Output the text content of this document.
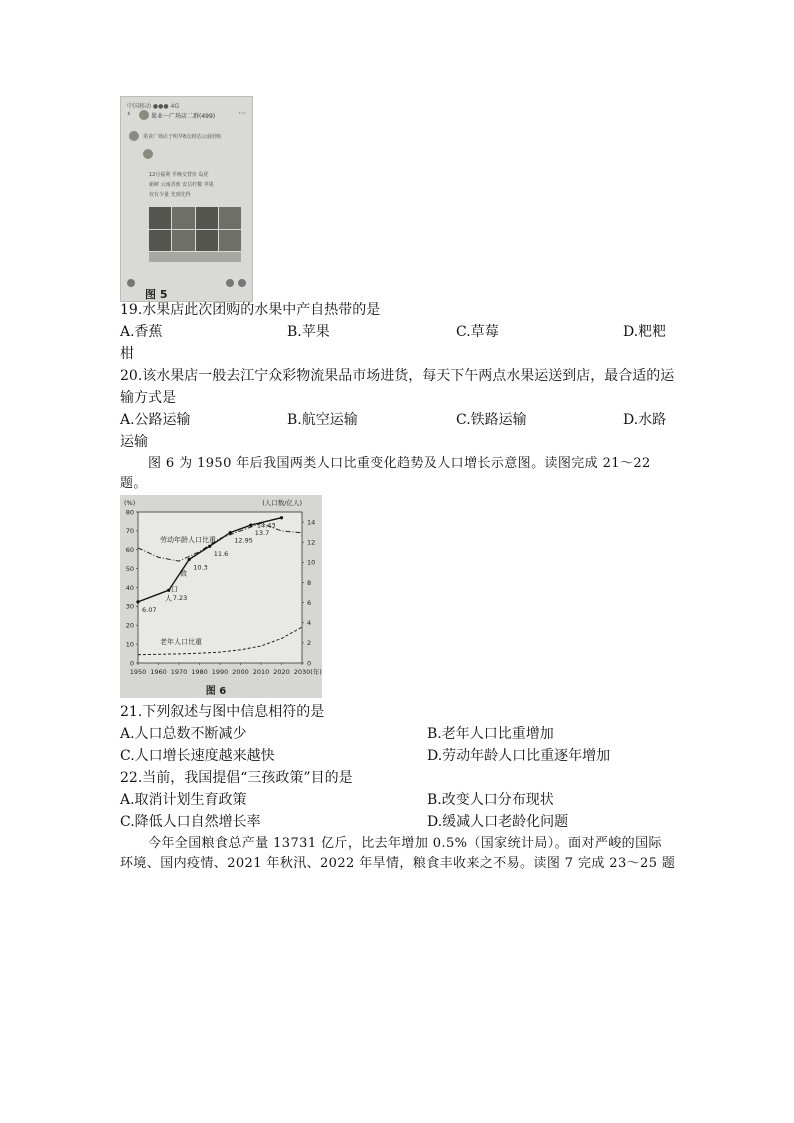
中国移动 ●●● 4G
‹	果业一广场店二群(499)	···
果业广场店于明早8点到达云南团购
12月福利 早晚交替价 岛优
新鲜 云南香蕉 安岳柠檬 苹果
仅有少量 先到先得
图 5
19.水果店此次团购的水果中产自热带的是
A.香蕉	B.苹果	C.草莓	D.粑粑
柑
20.该水果店一般去江宁众彩物流果品市场进货，每天下午两点水果运送到店，最合适的运
输方式是
A.公路运输	B.航空运输	C.铁路运输	D.水路
运输
图 6 为 1950 年后我国两类人口比重变化趋势及人口增长示意图。读图完成 21～22
题。
1950 1960 1970 1980 1990 2000 2010 2020 2030 (年)
0
10
20
30
40
50
60
70
80
(%)
0
2
4
6
8
10
12
14
(人口数/亿人)
6.07
7.23
10.3
11.6
12.95
13.7
14.43
劳动年龄人口比重
人
口
数
老年人口比重
图 6
21.下列叙述与图中信息相符的是
A.人口总数不断减少	B.老年人口比重增加
C.人口增长速度越来越快	D.劳动年龄人口比重逐年增加
22.当前，我国提倡“三孩政策”目的是
A.取消计划生育政策	B.改变人口分布现状
C.降低人口自然增长率	D.缓减人口老龄化问题
今年全国粮食总产量 13731 亿斤，比去年增加 0.5%（国家统计局）。面对严峻的国际
环境、国内疫情、2021 年秋汛、2022 年旱情，粮食丰收来之不易。读图 7 完成 23～25 题
